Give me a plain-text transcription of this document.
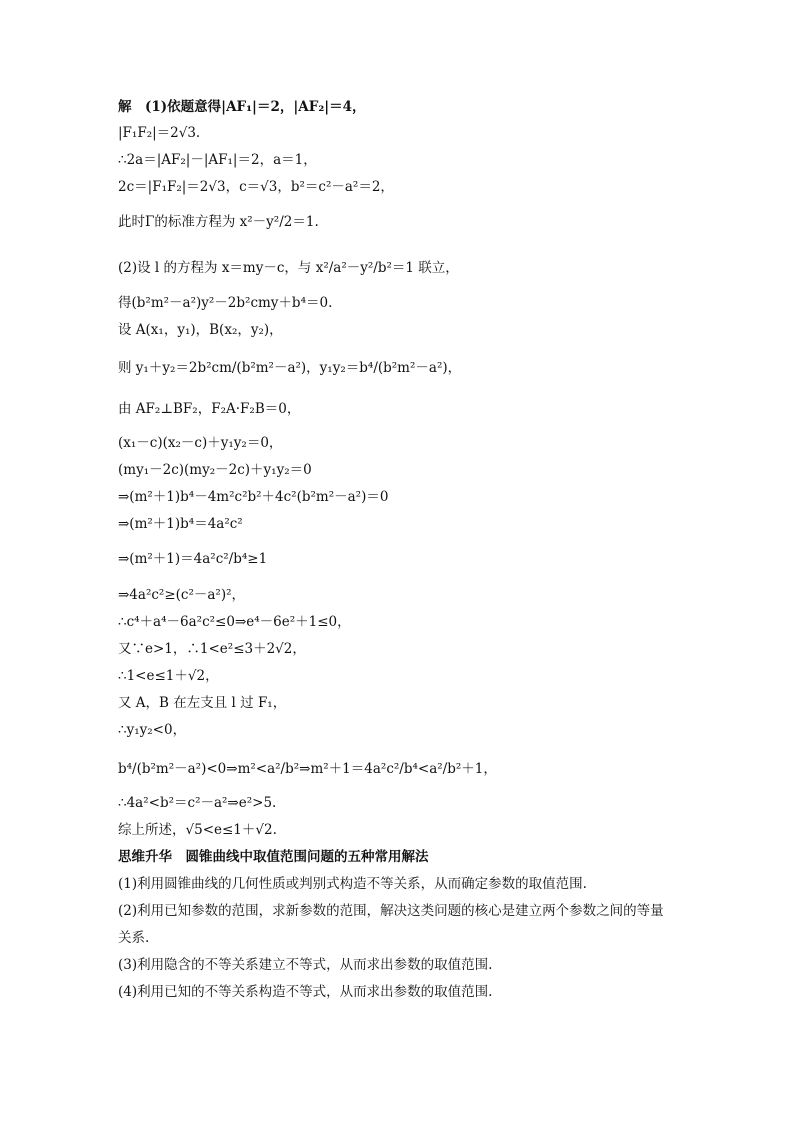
解　(1)依题意得|AF₁|＝2，|AF₂|＝4，
|F₁F₂|＝2√3.
∴2a＝|AF₂|－|AF₁|＝2，a＝1，
2c＝|F₁F₂|＝2√3，c＝√3，b²＝c²－a²＝2，
此时Γ的标准方程为 x²－y²/2＝1.
(2)设 l 的方程为 x＝my－c，与 x²/a²－y²/b²＝1 联立，
得(b²m²－a²)y²－2b²cmy＋b⁴＝0.
设 A(x₁，y₁)，B(x₂，y₂)，
则 y₁＋y₂＝2b²cm/(b²m²－a²)，y₁y₂＝b⁴/(b²m²－a²)，
由 AF₂⊥BF₂，F₂A·F₂B＝0，
(x₁－c)(x₂－c)＋y₁y₂＝0，
(my₁－2c)(my₂－2c)＋y₁y₂＝0
⇒(m²＋1)b⁴－4m²c²b²＋4c²(b²m²－a²)＝0
⇒(m²＋1)b⁴＝4a²c²
⇒(m²＋1)＝4a²c²/b⁴≥1
⇒4a²c²≥(c²－a²)²，
∴c⁴＋a⁴－6a²c²≤0⇒e⁴－6e²＋1≤0，
又∵e>1，∴1<e²≤3＋2√2，
∴1<e≤1＋√2，
又 A，B 在左支且 l 过 F₁，
∴y₁y₂<0，
b⁴/(b²m²－a²)<0⇒m²<a²/b²⇒m²＋1＝4a²c²/b⁴<a²/b²＋1，
∴4a²<b²＝c²－a²⇒e²>5.
综上所述，√5<e≤1＋√2.
思维升华　圆锥曲线中取值范围问题的五种常用解法
(1)利用圆锥曲线的几何性质或判别式构造不等关系，从而确定参数的取值范围.
(2)利用已知参数的范围，求新参数的范围，解决这类问题的核心是建立两个参数之间的等量
关系.
(3)利用隐含的不等关系建立不等式，从而求出参数的取值范围.
(4)利用已知的不等关系构造不等式，从而求出参数的取值范围.
